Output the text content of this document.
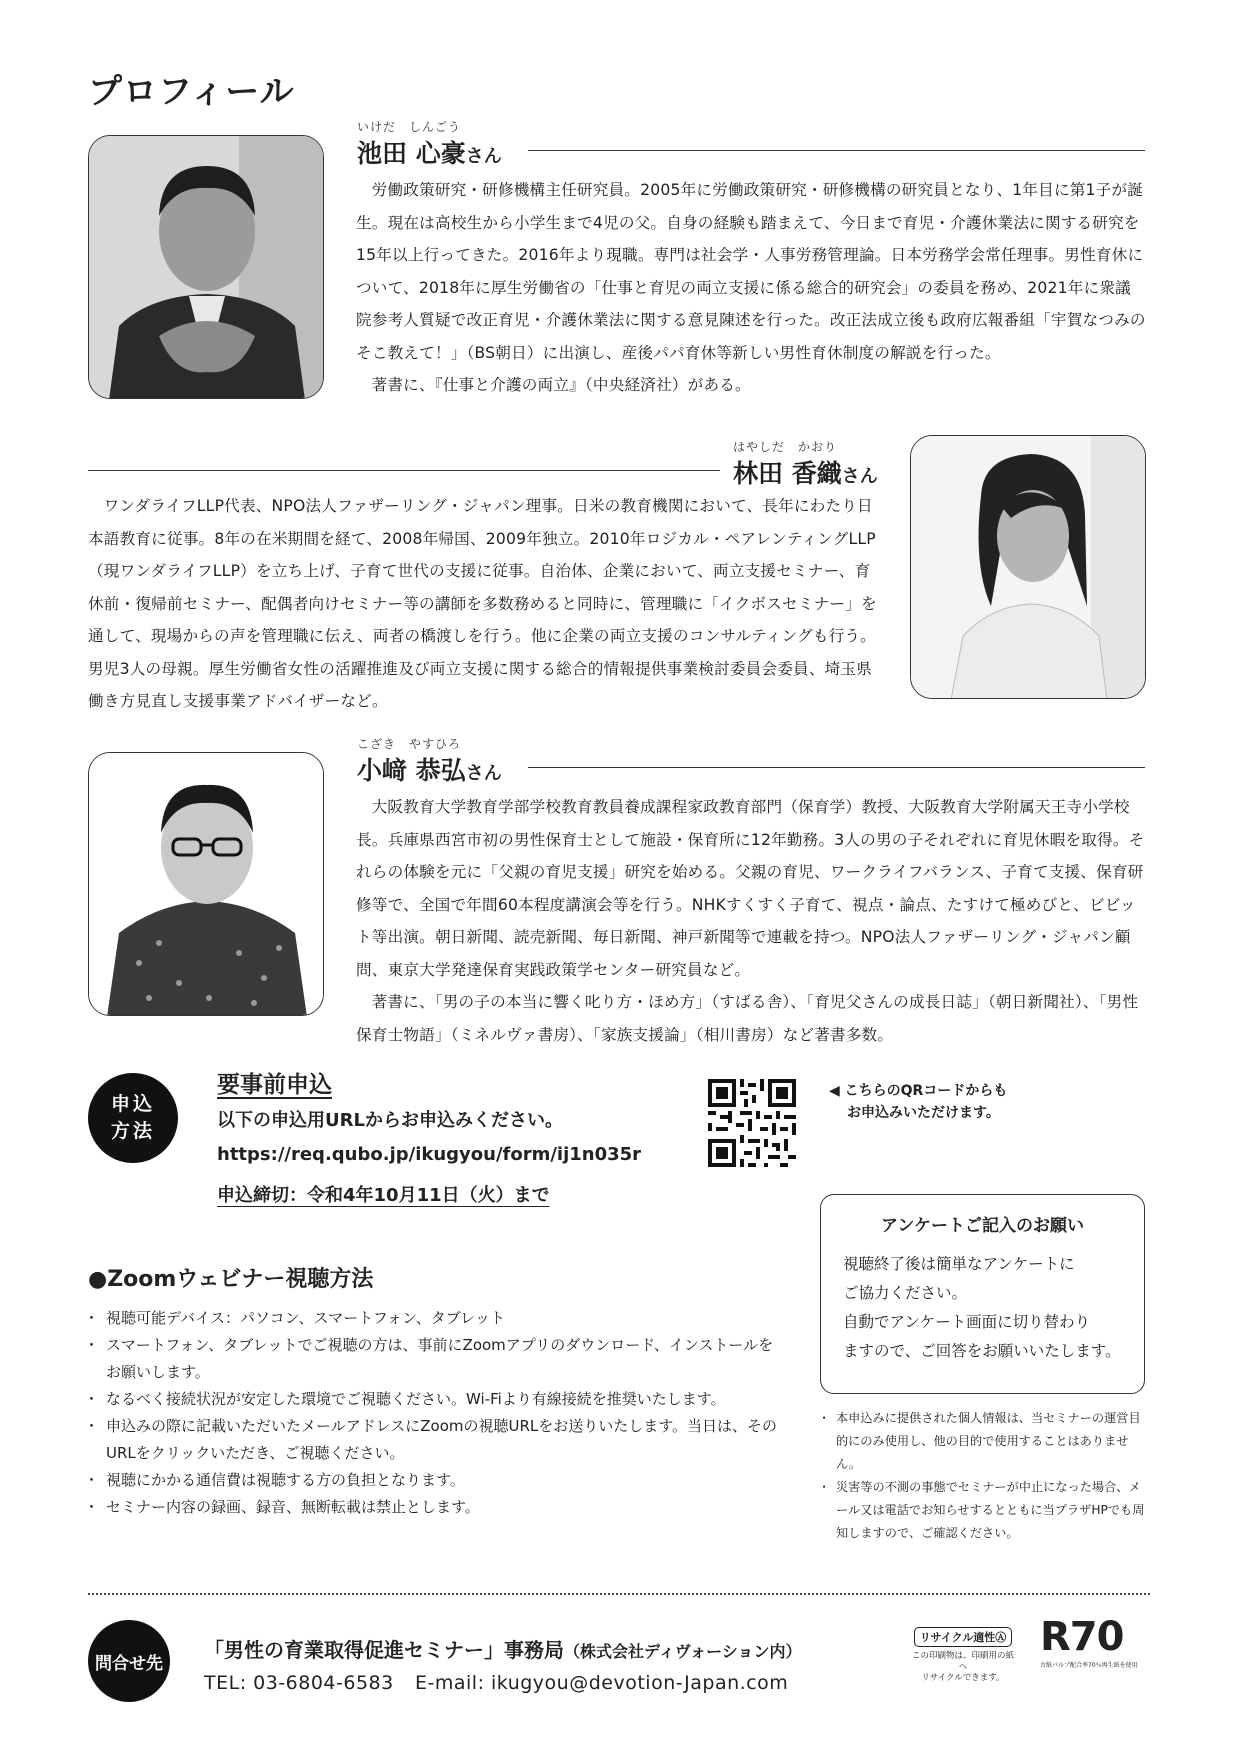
プロフィール
いけだ　しんごう
池田 心豪さん

労働政策研究・研修機構主任研究員。2005年に労働政策研究・研修機構の研究員となり、1年目に第1子が誕生。現在は高校生から小学生まで4児の父。自身の経験も踏まえて、今日まで育児・介護休業法に関する研究を15年以上行ってきた。2016年より現職。専門は社会学・人事労務管理論。日本労務学会常任理事。男性育休について、2018年に厚生労働省の「仕事と育児の両立支援に係る総合的研究会」の委員を務め、2021年に衆議院参考人質疑で改正育児・介護休業法に関する意見陳述を行った。改正法成立後も政府広報番組「宇賀なつみのそこ教えて！」（BS朝日）に出演し、産後パパ育休等新しい男性育休制度の解説を行った。

著書に、『仕事と介護の両立』（中央経済社）がある。

はやしだ　かおり
林田 香織さん

ワンダライフLLP代表、NPO法人ファザーリング・ジャパン理事。日米の教育機関において、長年にわたり日本語教育に従事。8年の在米期間を経て、2008年帰国、2009年独立。2010年ロジカル・ペアレンティングLLP（現ワンダライフLLP）を立ち上げ、子育て世代の支援に従事。自治体、企業において、両立支援セミナー、育休前・復帰前セミナー、配偶者向けセミナー等の講師を多数務めると同時に、管理職に「イクボスセミナー」を通して、現場からの声を管理職に伝え、両者の橋渡しを行う。他に企業の両立支援のコンサルティングも行う。男児3人の母親。厚生労働省女性の活躍推進及び両立支援に関する総合的情報提供事業検討委員会委員、埼玉県働き方見直し支援事業アドバイザーなど。

こざき　やすひろ
小﨑 恭弘さん

大阪教育大学教育学部学校教育教員養成課程家政教育部門（保育学）教授、大阪教育大学附属天王寺小学校長。兵庫県西宮市初の男性保育士として施設・保育所に12年勤務。3人の男の子それぞれに育児休暇を取得。それらの体験を元に「父親の育児支援」研究を始める。父親の育児、ワークライフバランス、子育て支援、保育研修等で、全国で年間60本程度講演会等を行う。NHKすくすく子育て、視点・論点、たすけて極めびと、ビビット等出演。朝日新聞、読売新聞、毎日新聞、神戸新聞等で連載を持つ。NPO法人ファザーリング・ジャパン顧問、東京大学発達保育実践政策学センター研究員など。

著書に、「男の子の本当に響く叱り方・ほめ方」（すばる舎）、「育児父さんの成長日誌」（朝日新聞社）、「男性保育士物語」（ミネルヴァ書房）、「家族支援論」（相川書房）など著書多数。

申込
方法
要事前申込
以下の申込用URLからお申込みください。
https://req.qubo.jp/ikugyou/form/ij1n035r
申込締切：令和4年10月11日（火）まで
◀ こちらのQRコードからも
お申込みいただけます。
アンケートご記入のお願い
視聴終了後は簡単なアンケートに
ご協力ください。
自動でアンケート画面に切り替わり
ますので、ご回答をお願いいたします。
●Zoomウェビナー視聴方法
・ 視聴可能デバイス：パソコン、スマートフォン、タブレット
・ スマートフォン、タブレットでご視聴の方は、事前にZoomアプリのダウンロード、インストールをお願いします。
・ なるべく接続状況が安定した環境でご視聴ください。Wi-Fiより有線接続を推奨いたします。
・ 申込みの際に記載いただいたメールアドレスにZoomの視聴URLをお送りいたします。当日は、そのURLをクリックいただき、ご視聴ください。
・ 視聴にかかる通信費は視聴する方の負担となります。
・ セミナー内容の録画、録音、無断転載は禁止とします。
・ 本申込みに提供された個人情報は、当セミナーの運営目的にのみ使用し、他の目的で使用することはありません。
・ 災害等の不測の事態でセミナーが中止になった場合、メール又は電話でお知らせするとともに当プラザHPでも周知しますので、ご確認ください。
問合せ先
「男性の育業取得促進セミナー」事務局（株式会社ディヴォーション内）
TEL: 03-6804-6583 E-mail: ikugyou@devotion-Japan.com
リサイクル適性Ⓐ
この印刷物は、印刷用の紙へ
リサイクルできます。
R70
古紙パルプ配合率70％再生紙を使用
